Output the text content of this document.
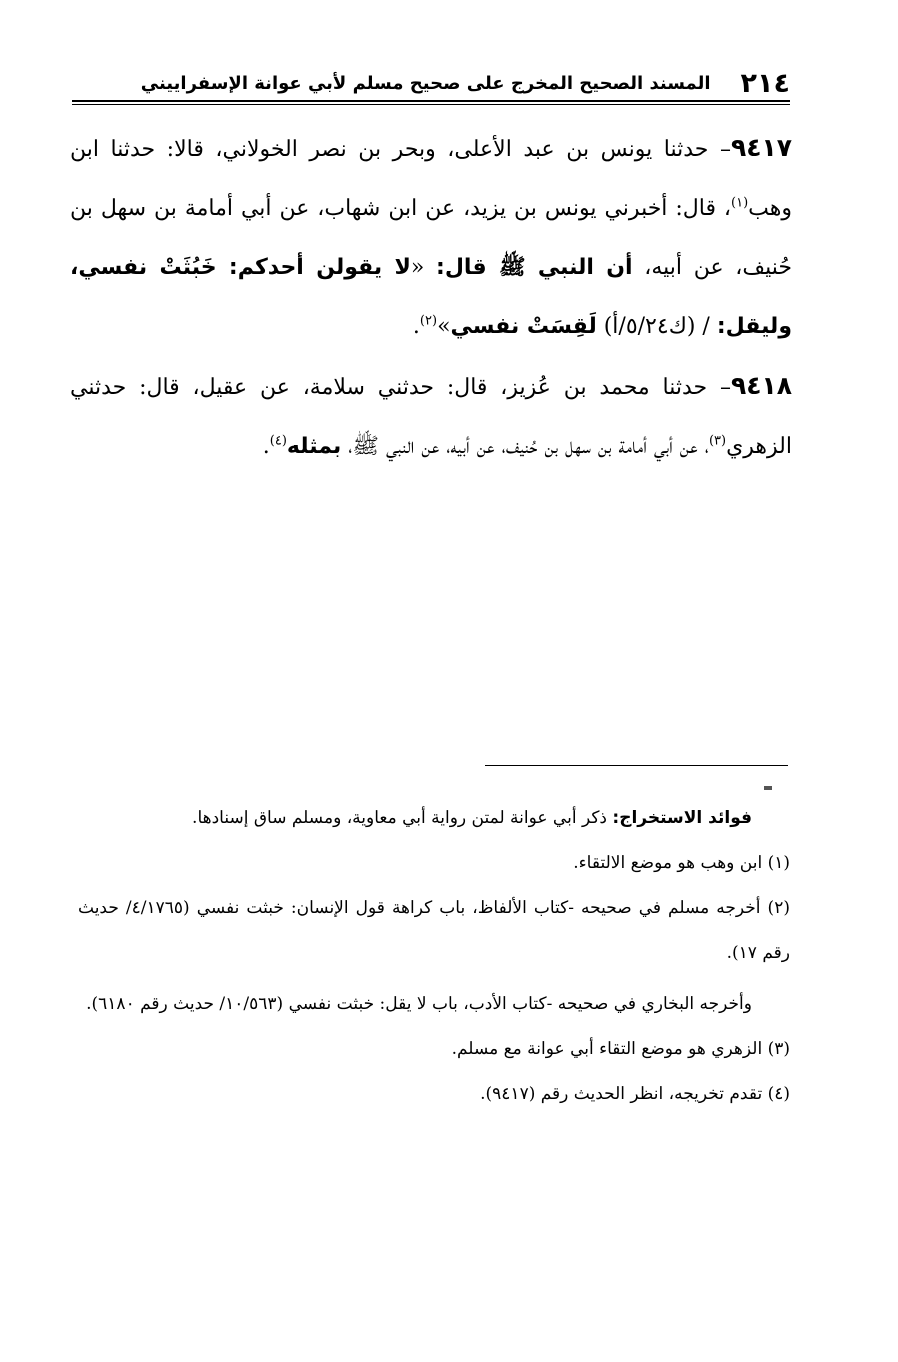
٢١٤
المسند الصحيح المخرج على صحيح مسلم لأبي عوانة الإسفراييني

٩٤١٧– حدثنا يونس بن عبد الأعلى، وبحر بن نصر الخولاني، قالا: حدثنا ابن وهب$^{(١)}$، قال: أخبرني يونس بن يزيد، عن ابن شهاب، عن أبي أمامة بن سهل بن حُنيف، عن أبيه، أن النبي ﷺ قال: «لا يقولن أحدكم: خَبُثَتْ نفسي، وليقل: / (ك٥/٢٤/أ) لَقِسَتْ نفسي»$^{(٢)}$.

٩٤١٨– حدثنا محمد بن عُزيز، قال: حدثني سلامة، عن عقيل، قال: حدثني الزهري$^{(٣)}$، عن أبي أمامة بن سهل بن حُنيف، عن أبيه، عن النبي ﷺ، بمثله$^{(٤)}$.

فوائد الاستخراج: ذكر أبي عوانة لمتن رواية أبي معاوية، ومسلم ساق إسنادها.

(١) ابن وهب هو موضع الالتقاء.

(٢) أخرجه مسلم في صحيحه -كتاب الألفاظ، باب كراهة قول الإنسان: خبثت نفسي (٤/١٧٦٥/ حديث رقم ١٧).

وأخرجه البخاري في صحيحه -كتاب الأدب، باب لا يقل: خبثت نفسي (١٠/٥٦٣/ حديث رقم ٦١٨٠).

(٣) الزهري هو موضع التقاء أبي عوانة مع مسلم.

(٤) تقدم تخريجه، انظر الحديث رقم (٩٤١٧).
